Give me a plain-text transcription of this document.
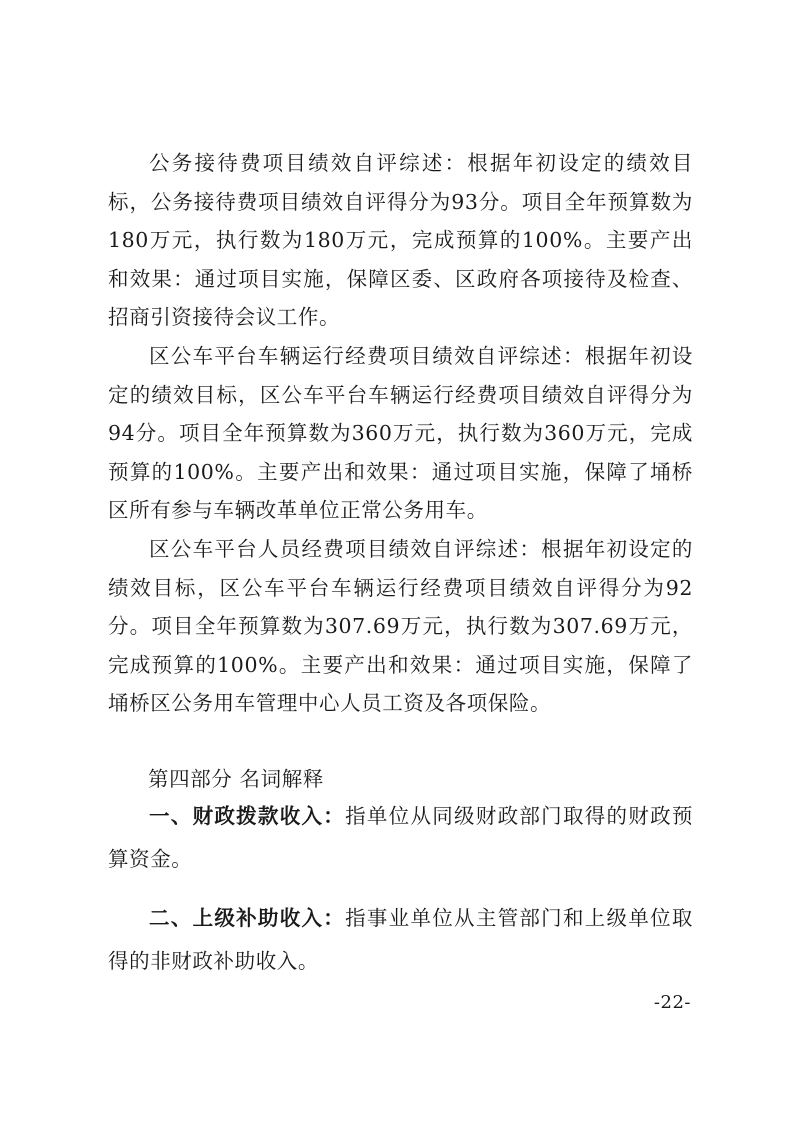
公务接待费项目绩效自评综述：根据年初设定的绩效目标，公务接待费项目绩效自评得分为93分。项目全年预算数为180万元，执行数为180万元，完成预算的100%。主要产出和效果：通过项目实施，保障区委、区政府各项接待及检查、招商引资接待会议工作。

区公车平台车辆运行经费项目绩效自评综述：根据年初设定的绩效目标，区公车平台车辆运行经费项目绩效自评得分为94分。项目全年预算数为360万元，执行数为360万元，完成预算的100%。主要产出和效果：通过项目实施，保障了埇桥区所有参与车辆改革单位正常公务用车。

区公车平台人员经费项目绩效自评综述：根据年初设定的绩效目标，区公车平台车辆运行经费项目绩效自评得分为92分。项目全年预算数为307.69万元，执行数为307.69万元，完成预算的100%。主要产出和效果：通过项目实施，保障了埇桥区公务用车管理中心人员工资及各项保险。

第四部分 名词解释

一、财政拨款收入：指单位从同级财政部门取得的财政预算资金。

二、上级补助收入：指事业单位从主管部门和上级单位取得的非财政补助收入。

-22-
